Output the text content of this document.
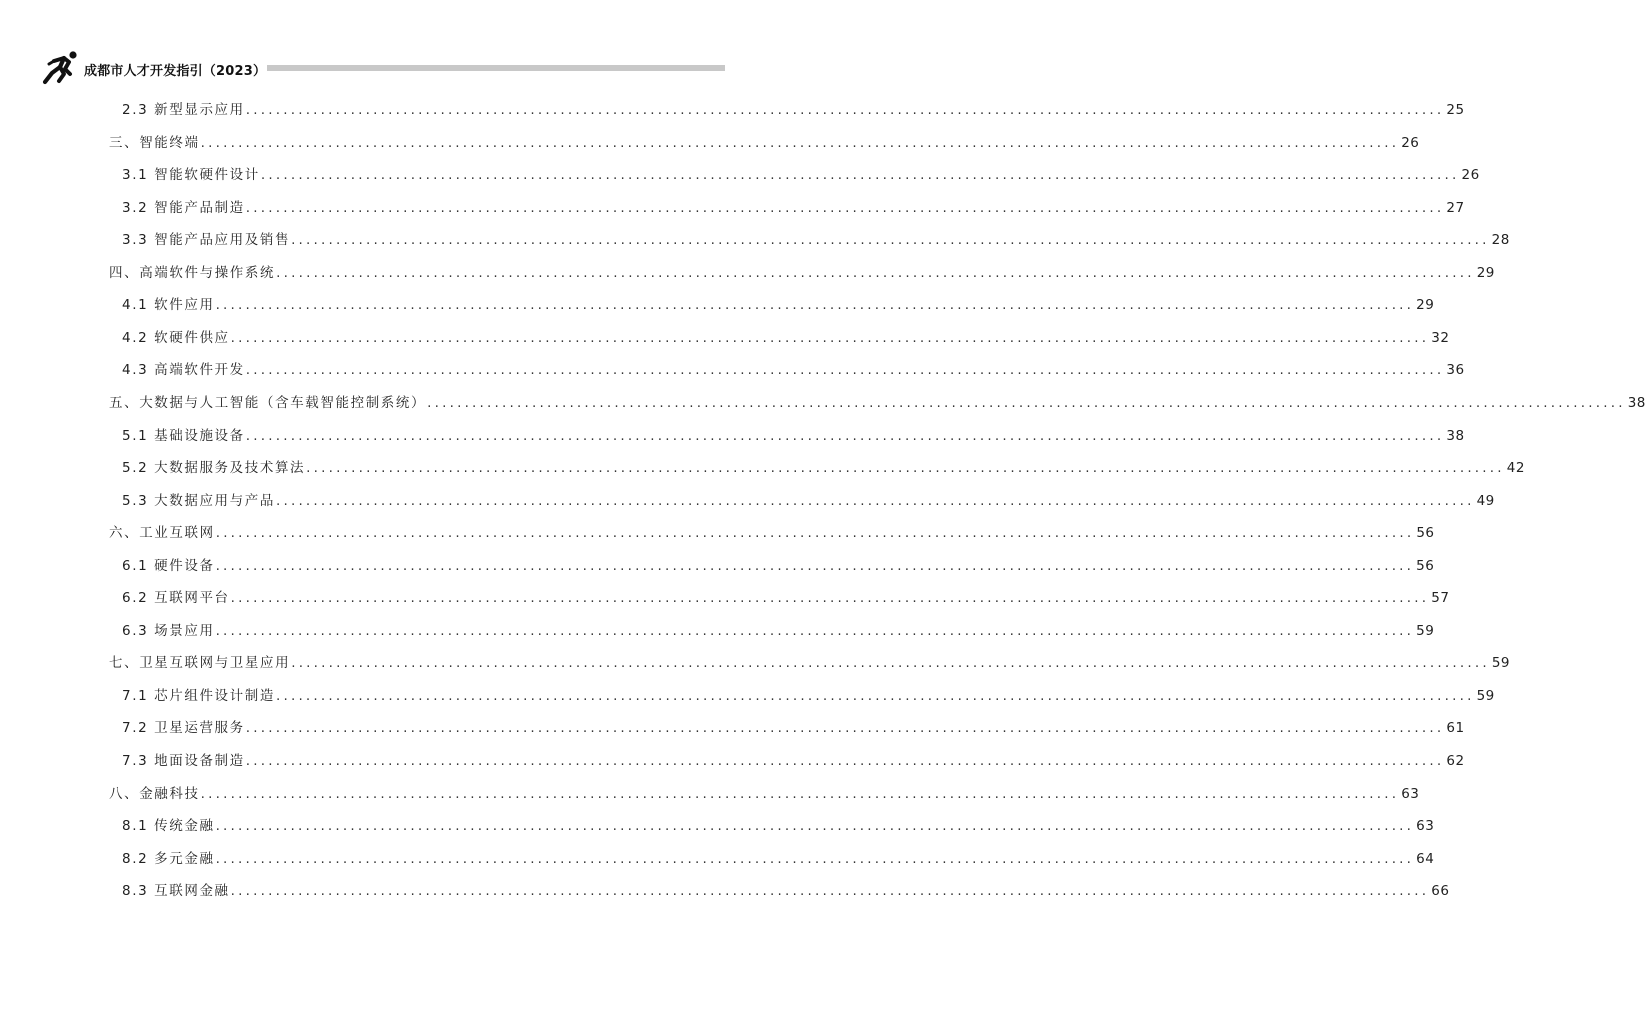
成都市人才开发指引（2023）
2.3 新型显示应用 ................................................................................................................................................................ 25
三、智能终端 ................................................................................................................................................................ 26
3.1 智能软硬件设计 ................................................................................................................................................................ 26
3.2 智能产品制造 ................................................................................................................................................................ 27
3.3 智能产品应用及销售 ................................................................................................................................................................ 28
四、高端软件与操作系统 ................................................................................................................................................................ 29
4.1 软件应用 ................................................................................................................................................................ 29
4.2 软硬件供应 ................................................................................................................................................................ 32
4.3 高端软件开发 ................................................................................................................................................................ 36
五、大数据与人工智能（含车载智能控制系统） ................................................................................................................................................................ 38
5.1 基础设施设备 ................................................................................................................................................................ 38
5.2 大数据服务及技术算法 ................................................................................................................................................................ 42
5.3 大数据应用与产品 ................................................................................................................................................................ 49
六、工业互联网 ................................................................................................................................................................ 56
6.1 硬件设备 ................................................................................................................................................................ 56
6.2 互联网平台 ................................................................................................................................................................ 57
6.3 场景应用 ................................................................................................................................................................ 59
七、卫星互联网与卫星应用 ................................................................................................................................................................ 59
7.1 芯片组件设计制造 ................................................................................................................................................................ 59
7.2 卫星运营服务 ................................................................................................................................................................ 61
7.3 地面设备制造 ................................................................................................................................................................ 62
八、金融科技 ................................................................................................................................................................ 63
8.1 传统金融 ................................................................................................................................................................ 63
8.2 多元金融 ................................................................................................................................................................ 64
8.3 互联网金融 ................................................................................................................................................................ 66
